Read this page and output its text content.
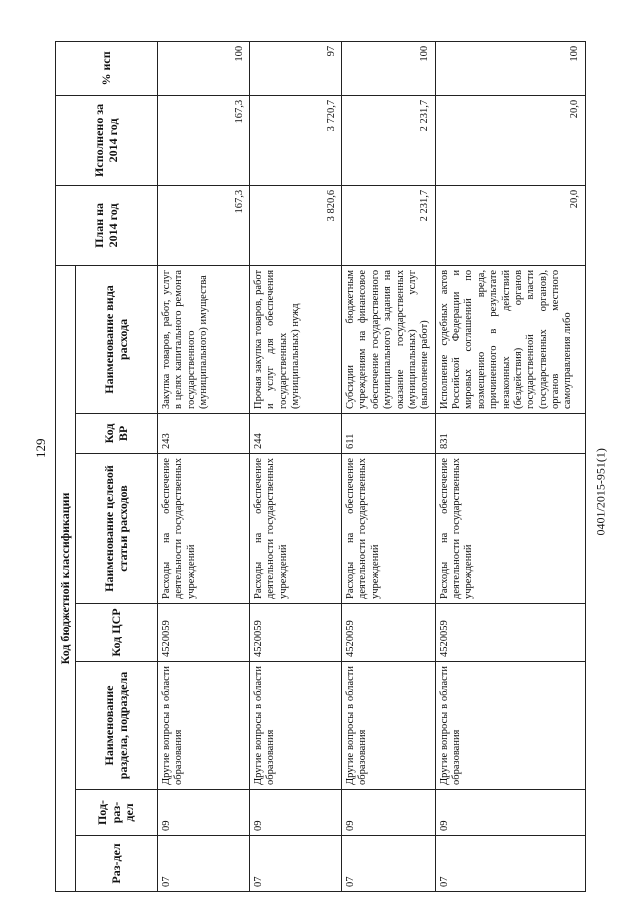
129
Код бюджетной классификации							План на 2014 год	Исполнено за 2014 год	% исп
Раз-дел	Под-раз-дел	Наименование раздела, подраздела	Код ЦСР	Наименование целевой статьи расходов	Код ВР	Наименование вида расхода			
07	09	Другие вопросы в области образования	4520059	Расходы на обеспечение деятельности государственных учреждений	243	Закупка товаров, работ, услуг в целях капитального ремонта государственного (муниципального) имущества	167,3	167,3	100
07	09	Другие вопросы в области образования	4520059	Расходы на обеспечение деятельности государственных учреждений	244	Прочая закупка товаров, работ и услуг для обеспечения государственных (муниципальных) нужд	3 820,6	3 720,7	97
07	09	Другие вопросы в области образования	4520059	Расходы на обеспечение деятельности государственных учреждений	611	Субсидии бюджетным учреждениям на финансовое обеспечение государственного (муниципального) задания на оказание государственных (муниципальных) услуг (выполнение работ)	2 231,7	2 231,7	100
07	09	Другие вопросы в области образования	4520059	Расходы на обеспечение деятельности государственных учреждений	831	Исполнение судебных актов Российской Федерации и мировых соглашений по возмещению вреда, причиненного в результате незаконных действий (бездействия) органов государственной власти (государственных органов), органов местного самоуправления либо	20,0	20,0	100
0401/2015-951(1)
